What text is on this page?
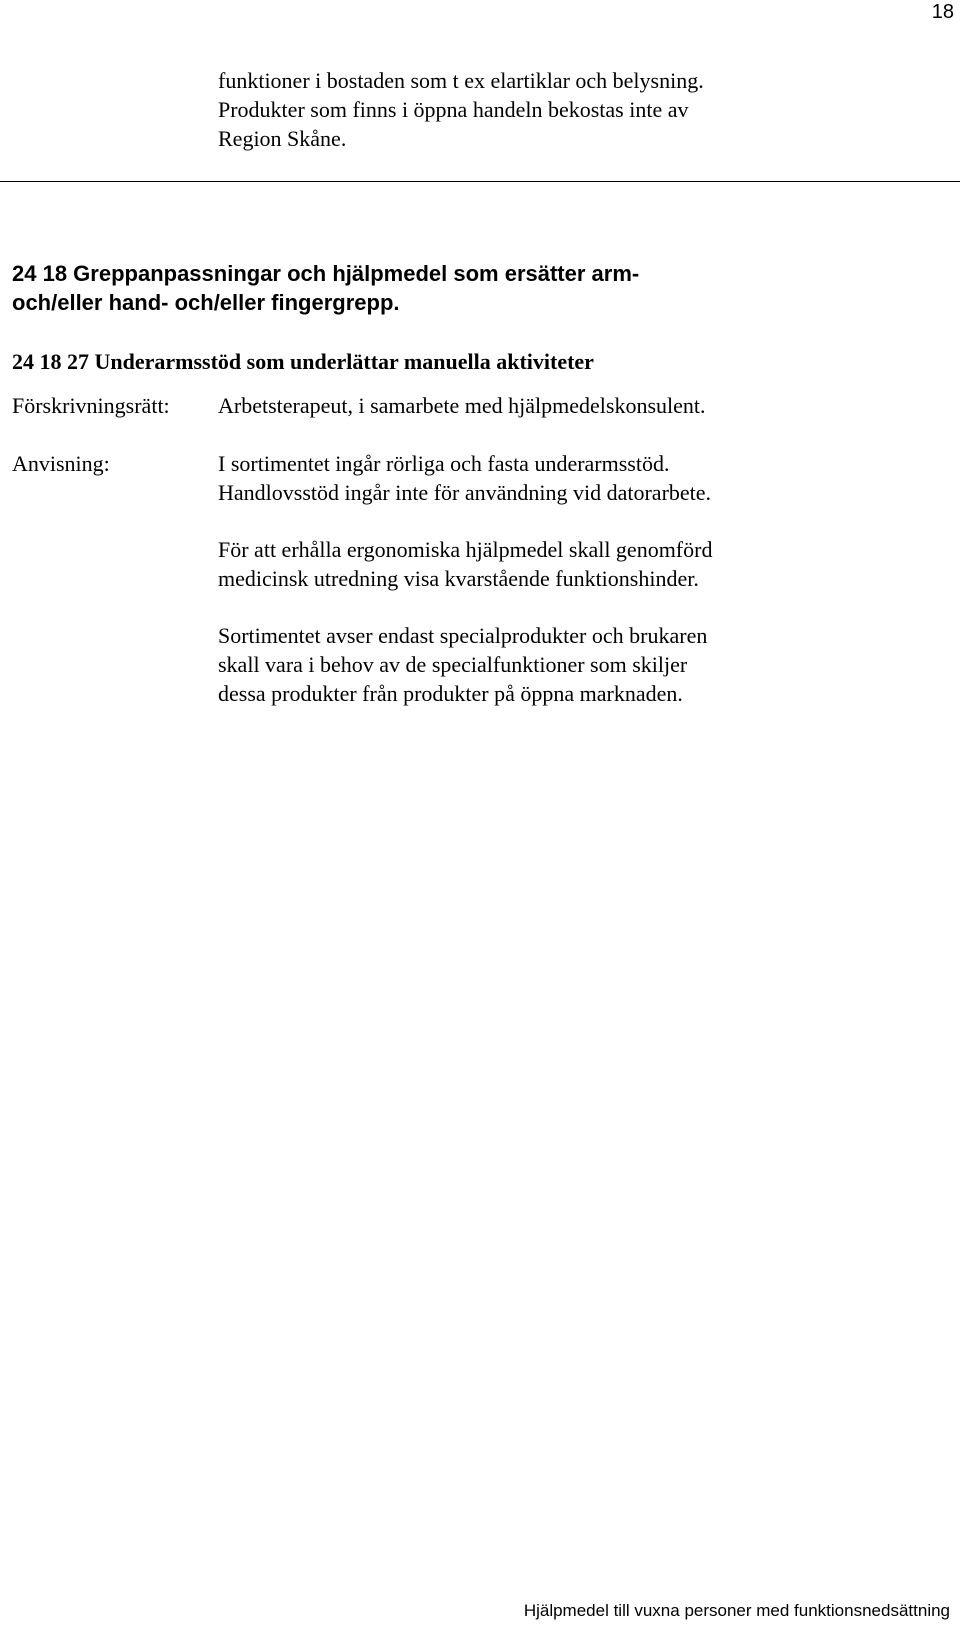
18

funktioner i bostaden som t ex elartiklar och belysning.
Produkter som finns i öppna handeln bekostas inte av
Region Skåne.

24 18 Greppanpassningar och hjälpmedel som ersätter arm-
och/eller hand- och/eller fingergrepp.
24 18 27 Underarmsstöd som underlättar manuella aktiviteter
Förskrivningsrätt: Arbetsterapeut, i samarbete med hjälpmedelskonsulent.
Anvisning:	I sortimentet ingår rörliga och fasta underarmsstöd.
Handlovsstöd ingår inte för användning vid datorarbete.
För att erhålla ergonomiska hjälpmedel skall genomförd
medicinsk utredning visa kvarstående funktionshinder.
Sortimentet avser endast specialprodukter och brukaren
skall vara i behov av de specialfunktioner som skiljer
dessa produkter från produkter på öppna marknaden.
Hjälpmedel till vuxna personer med funktionsnedsättning
